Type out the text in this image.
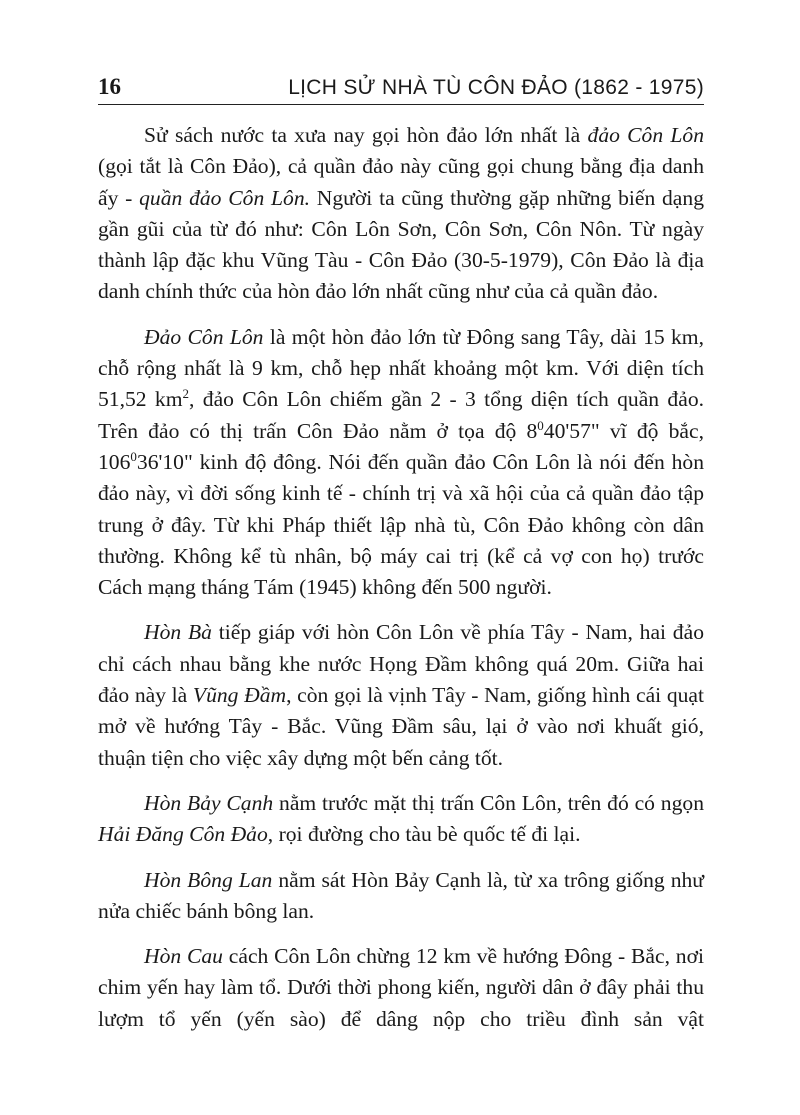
16	LỊCH SỬ NHÀ TÙ CÔN ĐẢO (1862 - 1975)

Sử sách nước ta xưa nay gọi hòn đảo lớn nhất là đảo Côn Lôn (gọi tắt là Côn Đảo), cả quần đảo này cũng gọi chung bằng địa danh ấy - quần đảo Côn Lôn. Người ta cũng thường gặp những biến dạng gần gũi của từ đó như: Côn Lôn Sơn, Côn Sơn, Côn Nôn. Từ ngày thành lập đặc khu Vũng Tàu - Côn Đảo (30-5-1979), Côn Đảo là địa danh chính thức của hòn đảo lớn nhất cũng như của cả quần đảo.

Đảo Côn Lôn là một hòn đảo lớn từ Đông sang Tây, dài 15 km, chỗ rộng nhất là 9 km, chỗ hẹp nhất khoảng một km. Với diện tích 51,52 $km^2$, đảo Côn Lôn chiếm gần 2 - 3 tổng diện tích quần đảo. Trên đảo có thị trấn Côn Đảo nằm ở tọa độ $8^040'57$" vĩ độ bắc, $106^036'10$" kinh độ đông. Nói đến quần đảo Côn Lôn là nói đến hòn đảo này, vì đời sống kinh tế - chính trị và xã hội của cả quần đảo tập trung ở đây. Từ khi Pháp thiết lập nhà tù, Côn Đảo không còn dân thường. Không kể tù nhân, bộ máy cai trị (kể cả vợ con họ) trước Cách mạng tháng Tám (1945) không đến 500 người.

Hòn Bà tiếp giáp với hòn Côn Lôn về phía Tây - Nam, hai đảo chỉ cách nhau bằng khe nước Họng Đầm không quá 20m. Giữa hai đảo này là Vũng Đầm, còn gọi là vịnh Tây - Nam, giống hình cái quạt mở về hướng Tây - Bắc. Vũng Đầm sâu, lại ở vào nơi khuất gió, thuận tiện cho việc xây dựng một bến cảng tốt.

Hòn Bảy Cạnh nằm trước mặt thị trấn Côn Lôn, trên đó có ngọn Hải Đăng Côn Đảo, rọi đường cho tàu bè quốc tế đi lại.

Hòn Bông Lan nằm sát Hòn Bảy Cạnh là, từ xa trông giống như nửa chiếc bánh bông lan.

Hòn Cau cách Côn Lôn chừng 12 km về hướng Đông - Bắc, nơi chim yến hay làm tổ. Dưới thời phong kiến, người dân ở đây phải thu lượm tổ yến (yến sào) để dâng nộp cho triều đình sản vật
